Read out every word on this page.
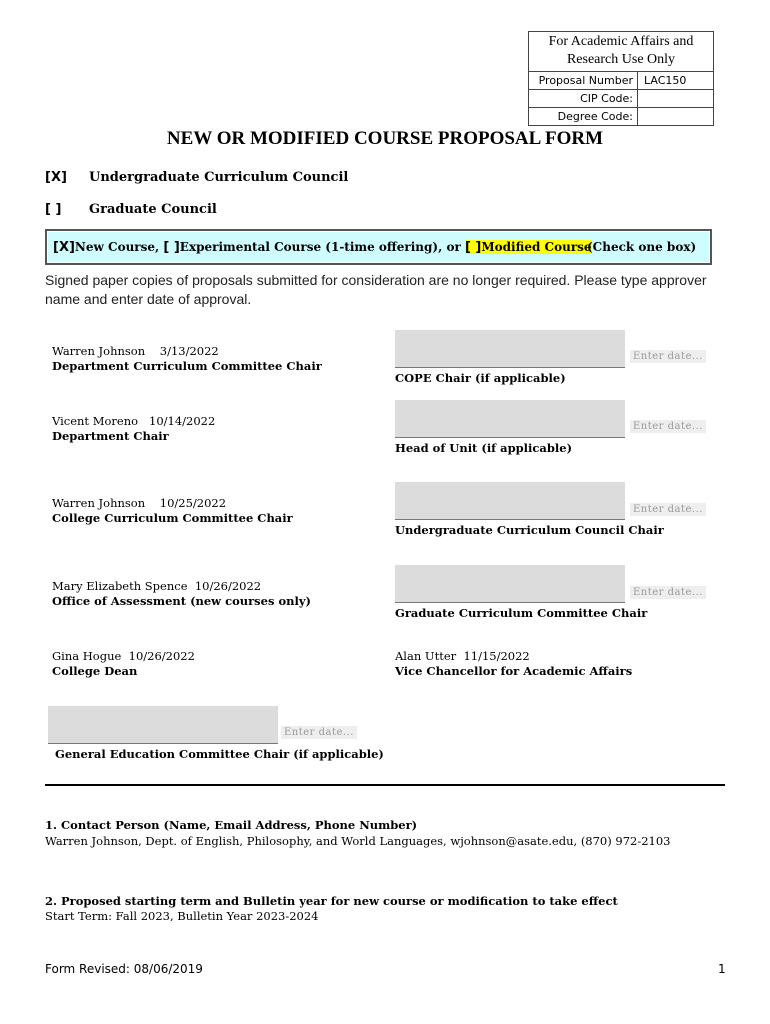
For Academic Affairs and Research Use Only
Proposal Number	LAC150
CIP Code:
Degree Code:
NEW OR MODIFIED COURSE PROPOSAL FORM
[X] Undergraduate Curriculum Council
[ ] Graduate Council
[X]New Course, [ ]Experimental Course (1-time offering), or [ ]Modified Course
(Check one box)
Signed paper copies of proposals submitted for consideration are no longer required. Please type approver name and enter date of approval.
Warren Johnson 3/13/2022
Department Curriculum Committee Chair
Vicent Moreno 10/14/2022
Department Chair
Warren Johnson 10/25/2022
College Curriculum Committee Chair
Mary Elizabeth Spence 10/26/2022
Office of Assessment (new courses only)
Gina Hogue 10/26/2022
College Dean
Enter date...
COPE Chair (if applicable)
Enter date...
Head of Unit (if applicable)
Enter date...
Undergraduate Curriculum Council Chair
Enter date...
Graduate Curriculum Committee Chair
Alan Utter 11/15/2022
Vice Chancellor for Academic Affairs
Enter date...
General Education Committee Chair (if applicable)
1. Contact Person (Name, Email Address, Phone Number)
Warren Johnson, Dept. of English, Philosophy, and World Languages, wjohnson@asate.edu, (870) 972-2103
2. Proposed starting term and Bulletin year for new course or modification to take effect
Start Term: Fall 2023, Bulletin Year 2023-2024
Form Revised: 08/06/2019	1
